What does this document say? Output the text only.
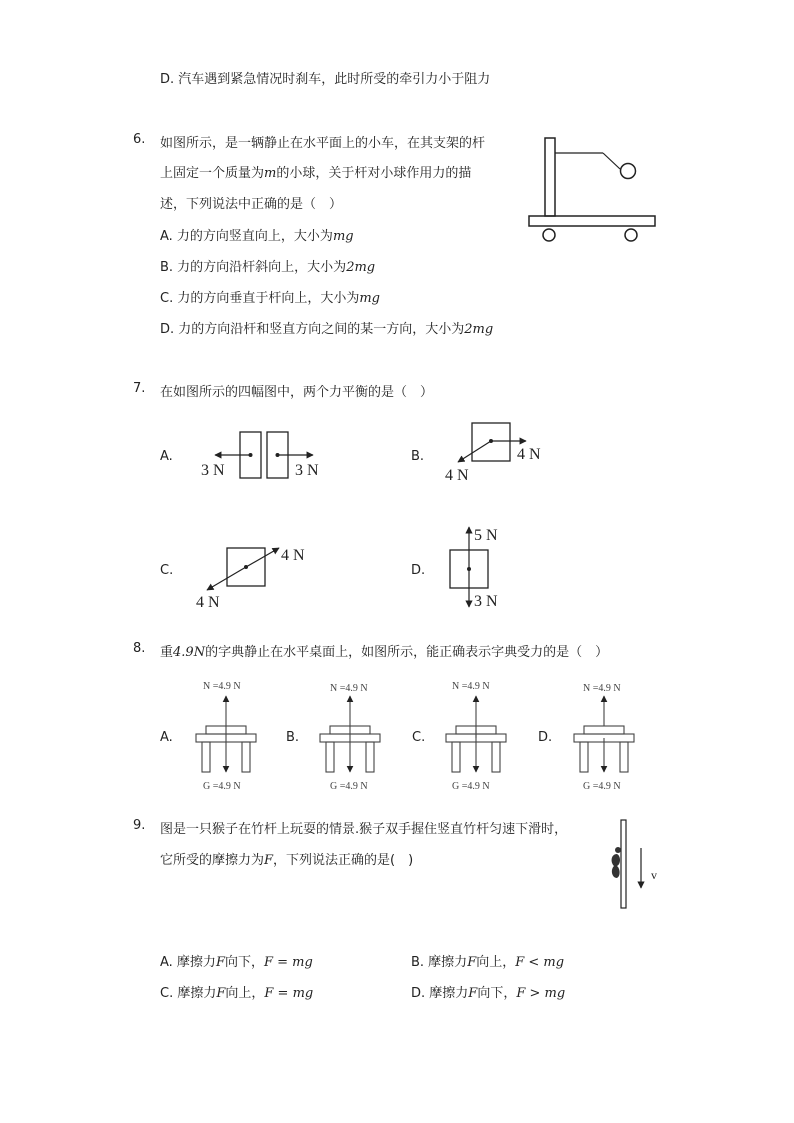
D. 汽车遇到紧急情况时刹车，此时所受的牵引力小于阻力
6. 如图所示，是一辆静止在水平面上的小车，在其支架的杆
上固定一个质量为m的小球，关于杆对小球作用力的描
述，下列说法中正确的是（　）
A. 力的方向竖直向上，大小为mg
B. 力的方向沿杆斜向上，大小为2mg
C. 力的方向垂直于杆向上，大小为mg
D. 力的方向沿杆和竖直方向之间的某一方向，大小为2mg
7. 在如图所示的四幅图中，两个力平衡的是（　）
A.	B.
C.	D.
3 N	3 N
4 N
4 N
4 N
4 N
5 N
3 N
8. 重4.9N的字典静止在水平桌面上，如图所示，能正确表示字典受力的是（　）
A.	B.	C.	D.
N =4.9 N
G =4.9 N
N =4.9 N
G =4.9 N
N =4.9 N
G =4.9 N
N =4.9 N
G =4.9 N
9. 图是一只猴子在竹杆上玩耍的情景.猴子双手握住竖直竹杆匀速下滑时，
它所受的摩擦力为F，下列说法正确的是(　)
v
A. 摩擦力F向下，F = mg	B. 摩擦力F向上，F < mg
C. 摩擦力F向上，F = mg	D. 摩擦力F向下，F > mg
